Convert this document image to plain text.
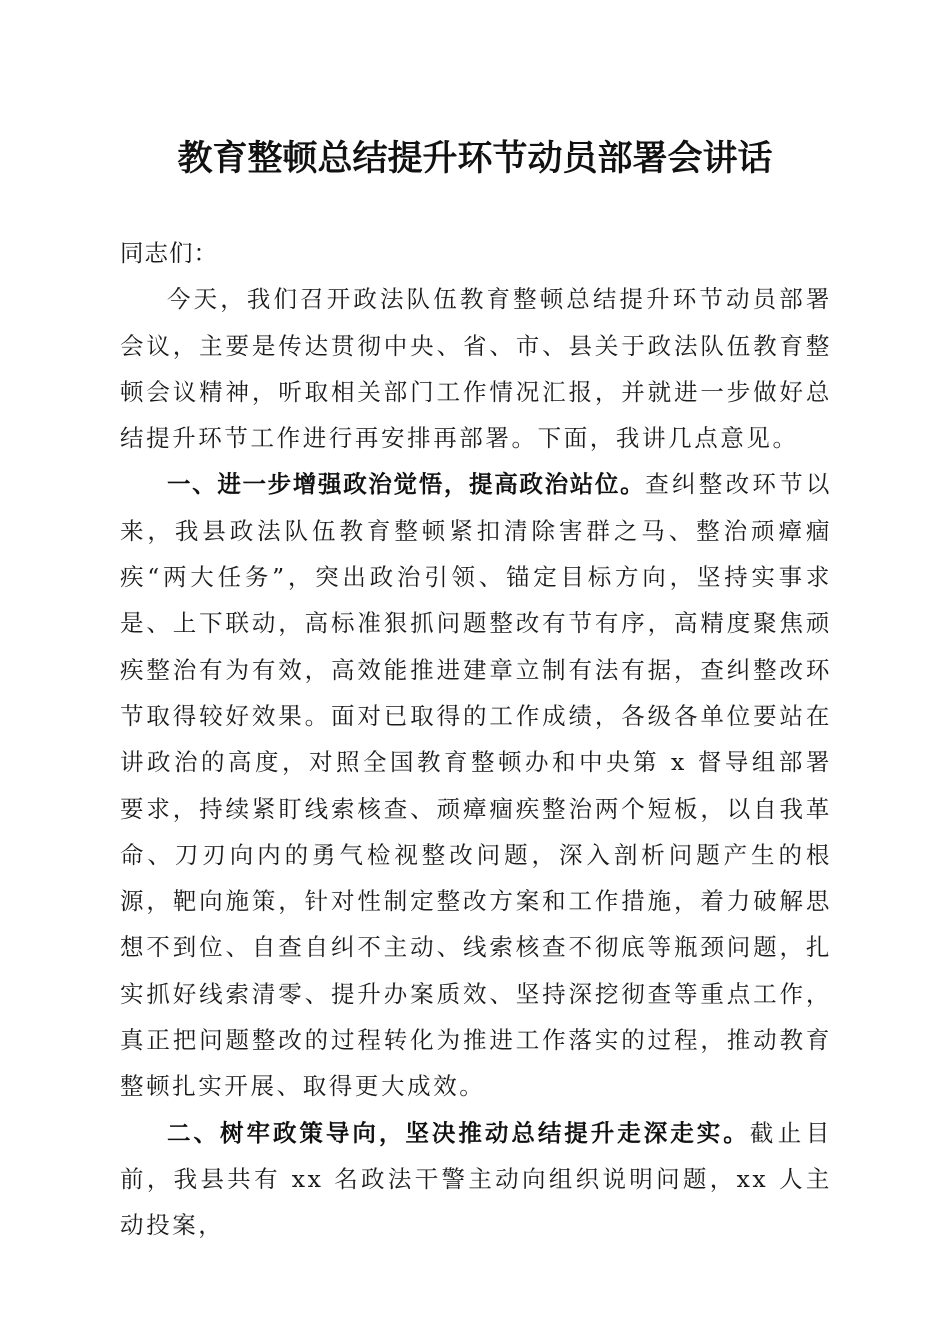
教育整顿总结提升环节动员部署会讲话

同志们：

今天，我们召开政法队伍教育整顿总结提升环节动员部署会议，主要是传达贯彻中央、省、市、县关于政法队伍教育整顿会议精神，听取相关部门工作情况汇报，并就进一步做好总结提升环节工作进行再安排再部署。下面，我讲几点意见。

一、进一步增强政治觉悟，提高政治站位。查纠整改环节以来，我县政法队伍教育整顿紧扣清除害群之马、整治顽瘴痼疾“两大任务”，突出政治引领、锚定目标方向，坚持实事求是、上下联动，高标准狠抓问题整改有节有序，高精度聚焦顽疾整治有为有效，高效能推进建章立制有法有据，查纠整改环节取得较好效果。面对已取得的工作成绩，各级各单位要站在讲政治的高度，对照全国教育整顿办和中央第 x 督导组部署要求，持续紧盯线索核查、顽瘴痼疾整治两个短板，以自我革命、刀刃向内的勇气检视整改问题，深入剖析问题产生的根源，靶向施策，针对性制定整改方案和工作措施，着力破解思想不到位、自查自纠不主动、线索核查不彻底等瓶颈问题，扎实抓好线索清零、提升办案质效、坚持深挖彻查等重点工作，真正把问题整改的过程转化为推进工作落实的过程，推动教育整顿扎实开展、取得更大成效。

二、树牢政策导向，坚决推动总结提升走深走实。截止目前，我县共有 xx 名政法干警主动向组织说明问题，xx 人主动投案，
